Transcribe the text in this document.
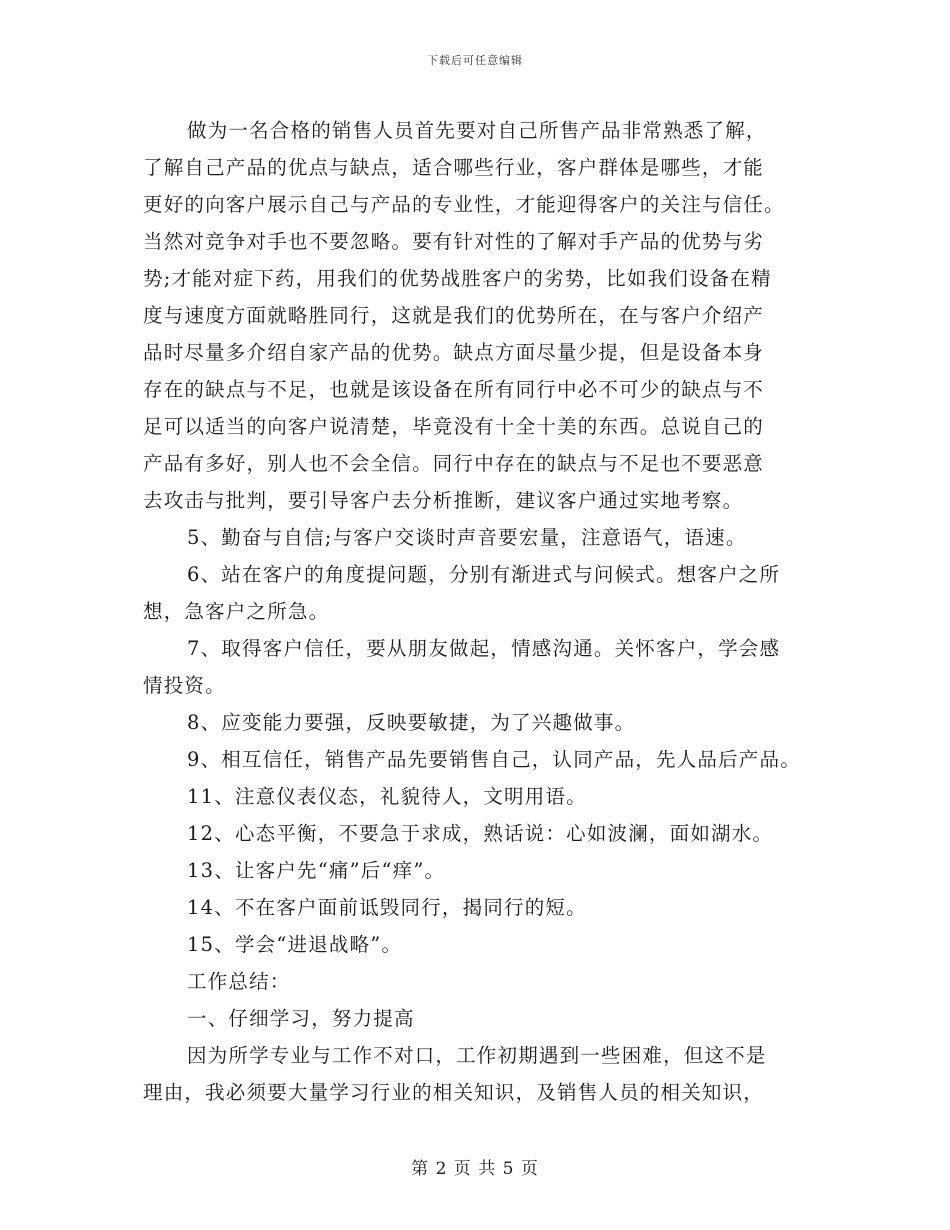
下载后可任意编辑
做为一名合格的销售人员首先要对自己所售产品非常熟悉了解，
了解自己产品的优点与缺点，适合哪些行业，客户群体是哪些，才能
更好的向客户展示自己与产品的专业性，才能迎得客户的关注与信任。
当然对竞争对手也不要忽略。要有针对性的了解对手产品的优势与劣
势;才能对症下药，用我们的优势战胜客户的劣势，比如我们设备在精
度与速度方面就略胜同行，这就是我们的优势所在，在与客户介绍产
品时尽量多介绍自家产品的优势。缺点方面尽量少提，但是设备本身
存在的缺点与不足，也就是该设备在所有同行中必不可少的缺点与不
足可以适当的向客户说清楚，毕竟没有十全十美的东西。总说自己的
产品有多好，别人也不会全信。同行中存在的缺点与不足也不要恶意
去攻击与批判，要引导客户去分析推断，建议客户通过实地考察。
5、勤奋与自信;与客户交谈时声音要宏量，注意语气，语速。
6、站在客户的角度提问题，分别有渐进式与问候式。想客户之所
想，急客户之所急。
7、取得客户信任，要从朋友做起，情感沟通。关怀客户，学会感
情投资。
8、应变能力要强，反映要敏捷，为了兴趣做事。
9、相互信任，销售产品先要销售自己，认同产品，先人品后产品。
11、注意仪表仪态，礼貌待人，文明用语。
12、心态平衡，不要急于求成，熟话说：心如波澜，面如湖水。
13、让客户先“痛”后“痒”。
14、不在客户面前诋毁同行，揭同行的短。
15、学会“进退战略”。
工作总结：
一、仔细学习，努力提高
因为所学专业与工作不对口，工作初期遇到一些困难，但这不是
理由，我必须要大量学习行业的相关知识，及销售人员的相关知识，
第 2 页 共 5 页
